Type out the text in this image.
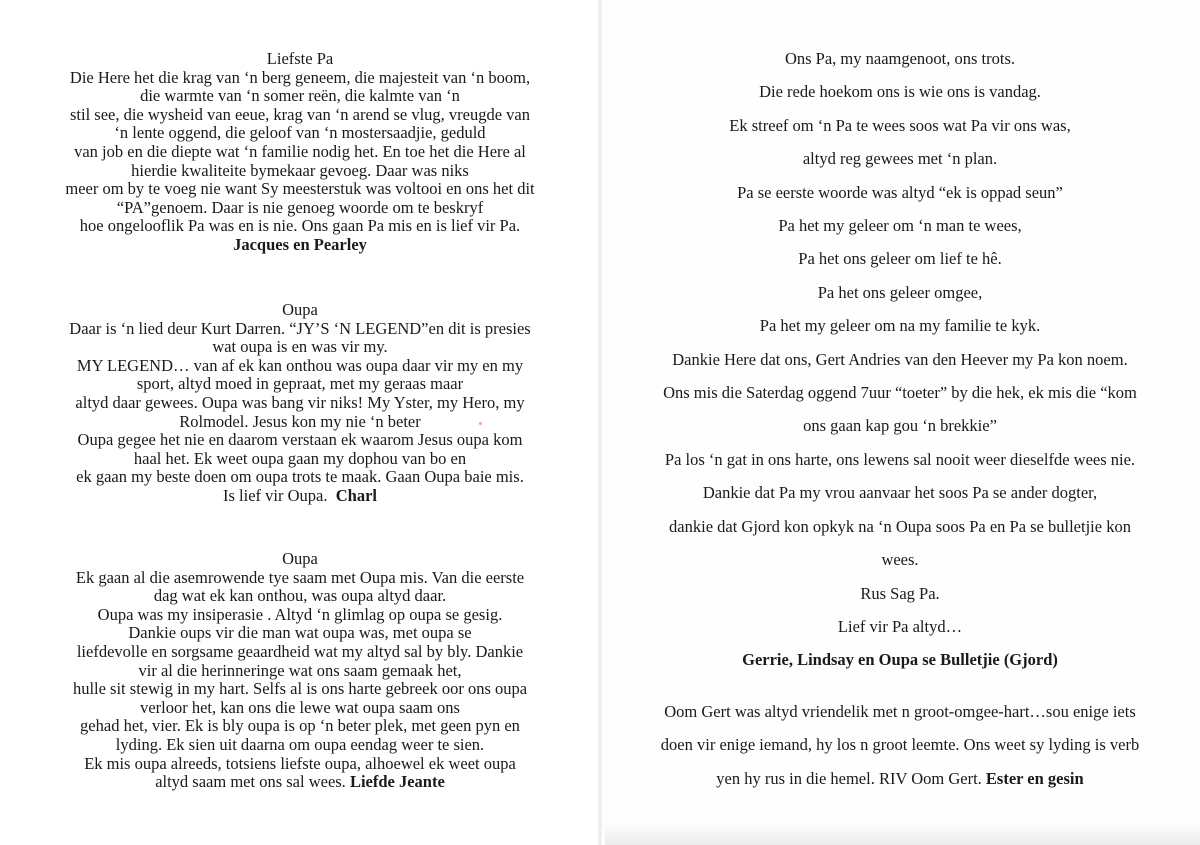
Liefste Pa
Die Here het die krag van ‘n berg geneem, die majesteit van ‘n boom,
die warmte van ‘n somer reën, die kalmte van ‘n
stil see, die wysheid van eeue, krag van ‘n arend se vlug, vreugde van
‘n lente oggend, die geloof van ‘n mostersaadjie, geduld
van job en die diepte wat ‘n familie nodig het. En toe het die Here al
hierdie kwaliteite bymekaar gevoeg. Daar was niks
meer om by te voeg nie want Sy meesterstuk was voltooi en ons het dit
“PA”genoem. Daar is nie genoeg woorde om te beskryf
hoe ongelooflik Pa was en is nie. Ons gaan Pa mis en is lief vir Pa.
Jacques en Pearley
Oupa
Daar is ‘n lied deur Kurt Darren. “JY’S ‘N LEGEND”en dit is presies
wat oupa is en was vir my.
MY LEGEND… van af ek kan onthou was oupa daar vir my en my
sport, altyd moed in gepraat, met my geraas maar
altyd daar gewees. Oupa was bang vir niks! My Yster, my Hero, my
Rolmodel. Jesus kon my nie ‘n beter
Oupa gegee het nie en daarom verstaan ek waarom Jesus oupa kom
haal het. Ek weet oupa gaan my dophou van bo en
ek gaan my beste doen om oupa trots te maak. Gaan Oupa baie mis.
Is lief vir Oupa. Charl
Oupa
Ek gaan al die asemrowende tye saam met Oupa mis. Van die eerste
dag wat ek kan onthou, was oupa altyd daar.
Oupa was my insiperasie . Altyd ‘n glimlag op oupa se gesig.
Dankie oups vir die man wat oupa was, met oupa se
liefdevolle en sorgsame geaardheid wat my altyd sal by bly. Dankie
vir al die herinneringe wat ons saam gemaak het,
hulle sit stewig in my hart. Selfs al is ons harte gebreek oor ons oupa
verloor het, kan ons die lewe wat oupa saam ons
gehad het, vier. Ek is bly oupa is op ‘n beter plek, met geen pyn en
lyding. Ek sien uit daarna om oupa eendag weer te sien.
Ek mis oupa alreeds, totsiens liefste oupa, alhoewel ek weet oupa
altyd saam met ons sal wees. Liefde Jeante
Ons Pa, my naamgenoot, ons trots.
Die rede hoekom ons is wie ons is vandag.
Ek streef om ‘n Pa te wees soos wat Pa vir ons was,
altyd reg gewees met ‘n plan.
Pa se eerste woorde was altyd “ek is oppad seun”
Pa het my geleer om ‘n man te wees,
Pa het ons geleer om lief te hê.
Pa het ons geleer omgee,
Pa het my geleer om na my familie te kyk.
Dankie Here dat ons, Gert Andries van den Heever my Pa kon noem.
Ons mis die Saterdag oggend 7uur “toeter” by die hek, ek mis die “kom
ons gaan kap gou ‘n brekkie”
Pa los ‘n gat in ons harte, ons lewens sal nooit weer dieselfde wees nie.
Dankie dat Pa my vrou aanvaar het soos Pa se ander dogter,
dankie dat Gjord kon opkyk na ‘n Oupa soos Pa en Pa se bulletjie kon
wees.
Rus Sag Pa.
Lief vir Pa altyd…
Gerrie, Lindsay en Oupa se Bulletjie (Gjord)
Oom Gert was altyd vriendelik met n groot-omgee-hart…sou enige iets
doen vir enige iemand, hy los n groot leemte. Ons weet sy lyding is verb
yen hy rus in die hemel. RIV Oom Gert. Ester en gesin
